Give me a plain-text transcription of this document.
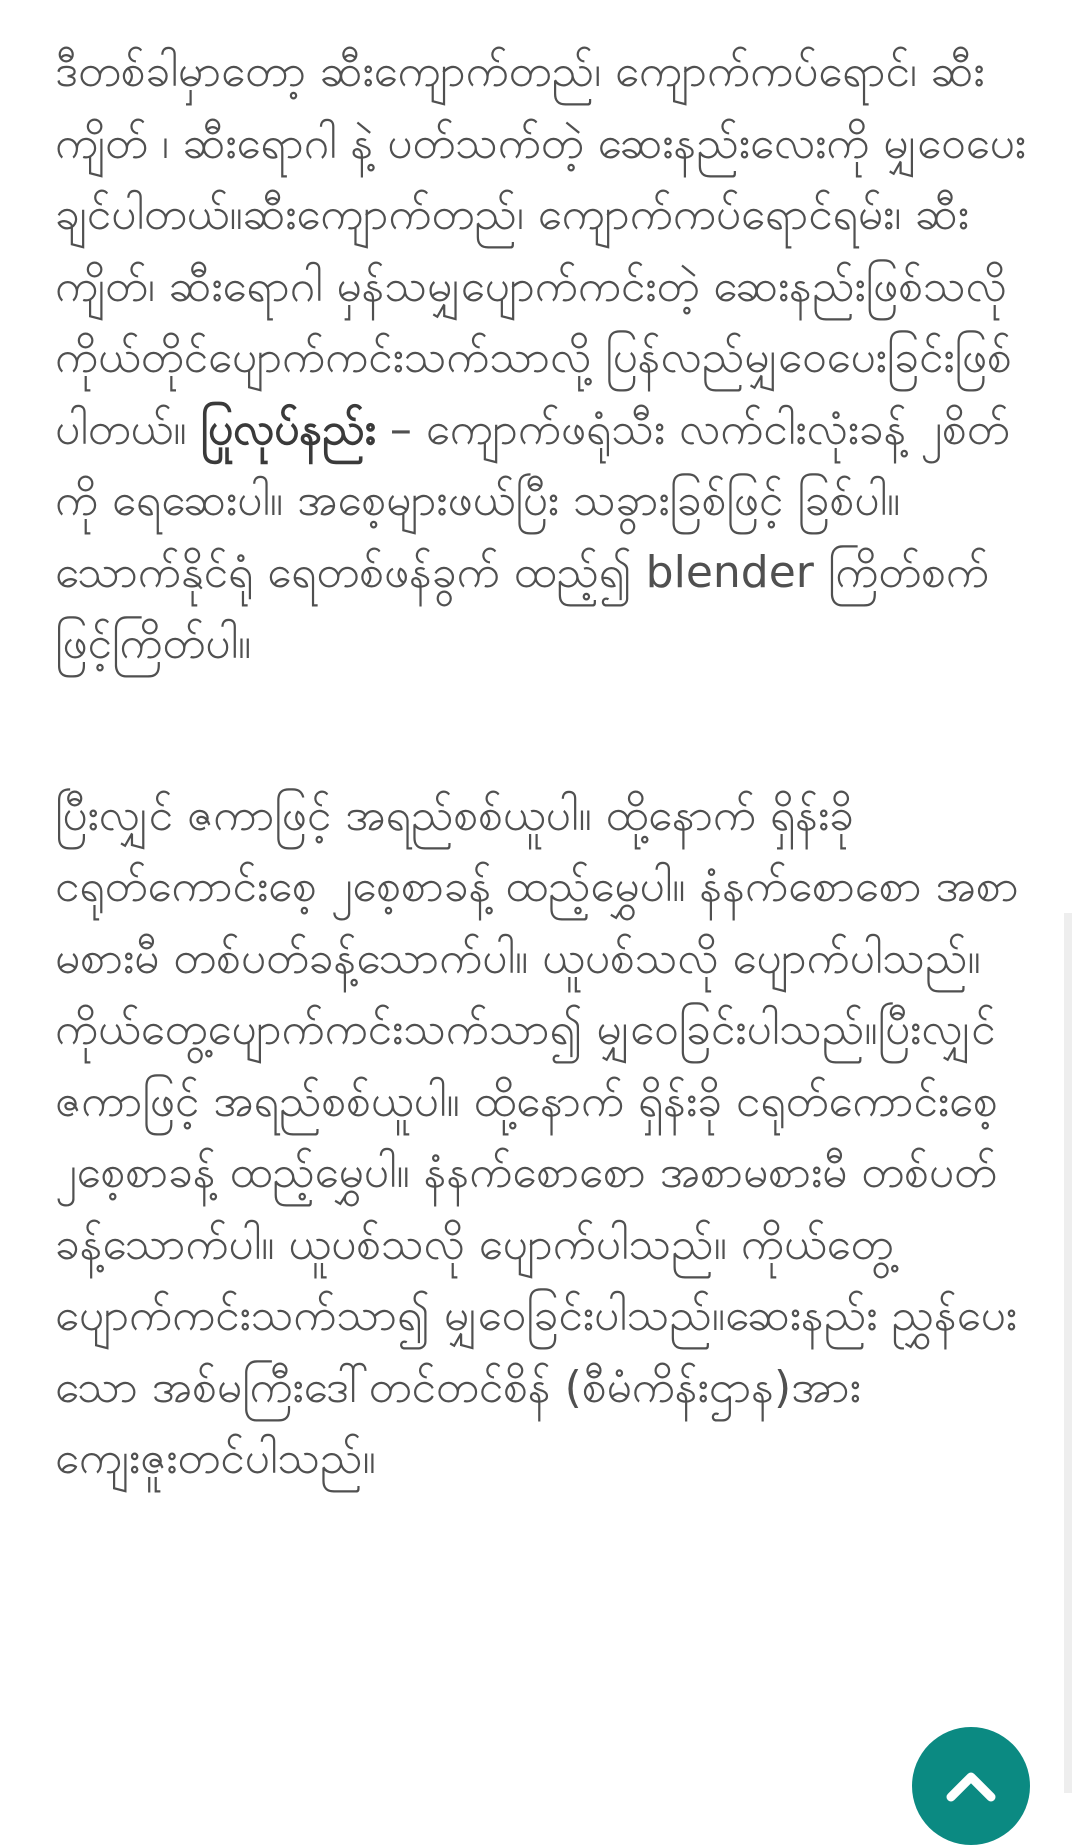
ဒီတစ်ခါမှာတော့ ဆီးကျောက်တည်၊ ကျောက်ကပ်ရောင်၊ ဆီးကျိတ် ၊ ဆီးရောဂါ နဲ့ ပတ်သက်တဲ့ ဆေးနည်းလေးကို မျှဝေပေးချင်ပါတယ်။ဆီးကျောက်တည်၊ ကျောက်ကပ်ရောင်ရမ်း၊ ဆီးကျိတ်၊ ဆီးရောဂါ မှန်သမျှပျောက်ကင်းတဲ့ ဆေးနည်းဖြစ်သလို ကိုယ်တိုင်ပျောက်ကင်းသက်သာလို့ ပြန်လည်မျှဝေပေးခြင်းဖြစ်ပါတယ်။ ပြုလုပ်နည်း – ကျောက်ဖရုံသီး လက်ငါးလုံးခန့် ၂စိတ်ကို ရေဆေးပါ။ အစေ့များဖယ်ပြီး သခွားခြစ်ဖြင့် ခြစ်ပါ။ သောက်နိုင်ရုံ ရေတစ်ဖန်ခွက် ထည့်၍ blender ကြိတ်စက် ဖြင့်ကြိတ်ပါ။

ပြီးလျှင် ဇကာဖြင့် အရည်စစ်ယူပါ။ ထို့နောက် ရှိန်းခို ငရုတ်ကောင်းစေ့ ၂စေ့စာခန့် ထည့်မွှေပါ။ နံနက်စောစော အစာမစားမီ တစ်ပတ်ခန့်သောက်ပါ။ ယူပစ်သလို ပျောက်ပါသည်။ ကိုယ်တွေ့ပျောက်ကင်းသက်သာ၍ မျှဝေခြင်းပါသည်။ပြီးလျှင် ဇကာဖြင့် အရည်စစ်ယူပါ။ ထို့နောက် ရှိန်းခို ငရုတ်ကောင်းစေ့ ၂စေ့စာခန့် ထည့်မွှေပါ။ နံနက်စောစော အစာမစားမီ တစ်ပတ်ခန့်သောက်ပါ။ ယူပစ်သလို ပျောက်ပါသည်။ ကိုယ်တွေ့ပျောက်ကင်းသက်သာ၍ မျှဝေခြင်းပါသည်။ဆေးနည်း ညွှန်ပေးသော အစ်မကြီးဒေါ်တင်တင်စိန် (စီမံကိန်းဌာန)အား ကျေးဇူးတင်ပါသည်။
